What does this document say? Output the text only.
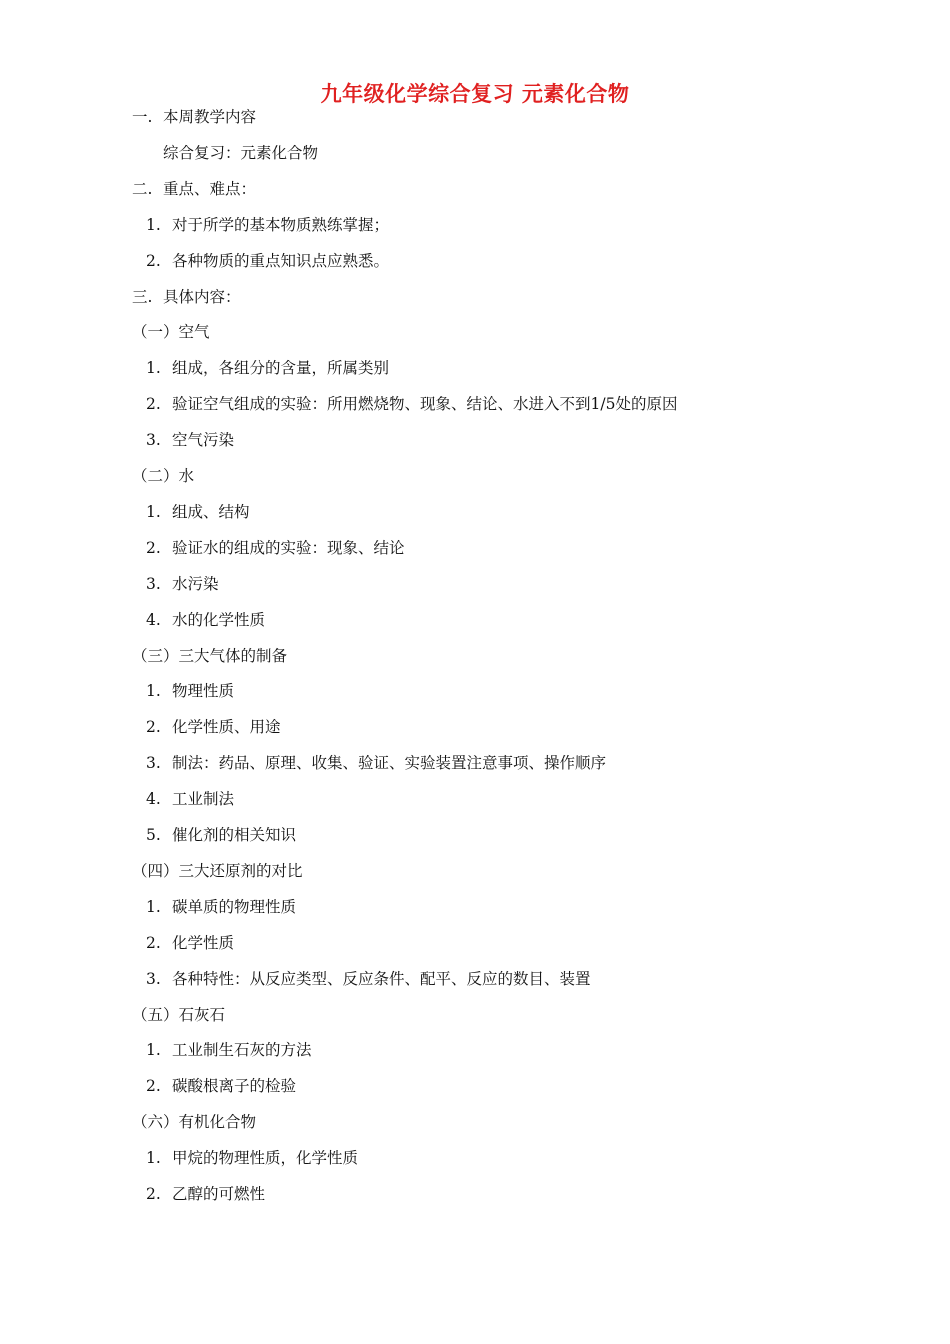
九年级化学综合复习 元素化合物
一. 本周教学内容
综合复习：元素化合物
二. 重点、难点：
1. 对于所学的基本物质熟练掌握；
2. 各种物质的重点知识点应熟悉。
三. 具体内容：
（一）空气
1. 组成，各组分的含量，所属类别
2. 验证空气组成的实验：所用燃烧物、现象、结论、水进入不到1/5处的原因
3. 空气污染
（二）水
1. 组成、结构
2. 验证水的组成的实验：现象、结论
3. 水污染
4. 水的化学性质
（三）三大气体的制备
1. 物理性质
2. 化学性质、用途
3. 制法：药品、原理、收集、验证、实验装置注意事项、操作顺序
4. 工业制法
5. 催化剂的相关知识
（四）三大还原剂的对比
1. 碳单质的物理性质
2. 化学性质
3. 各种特性：从反应类型、反应条件、配平、反应的数目、装置
（五）石灰石
1. 工业制生石灰的方法
2. 碳酸根离子的检验
（六）有机化合物
1. 甲烷的物理性质，化学性质
2. 乙醇的可燃性
